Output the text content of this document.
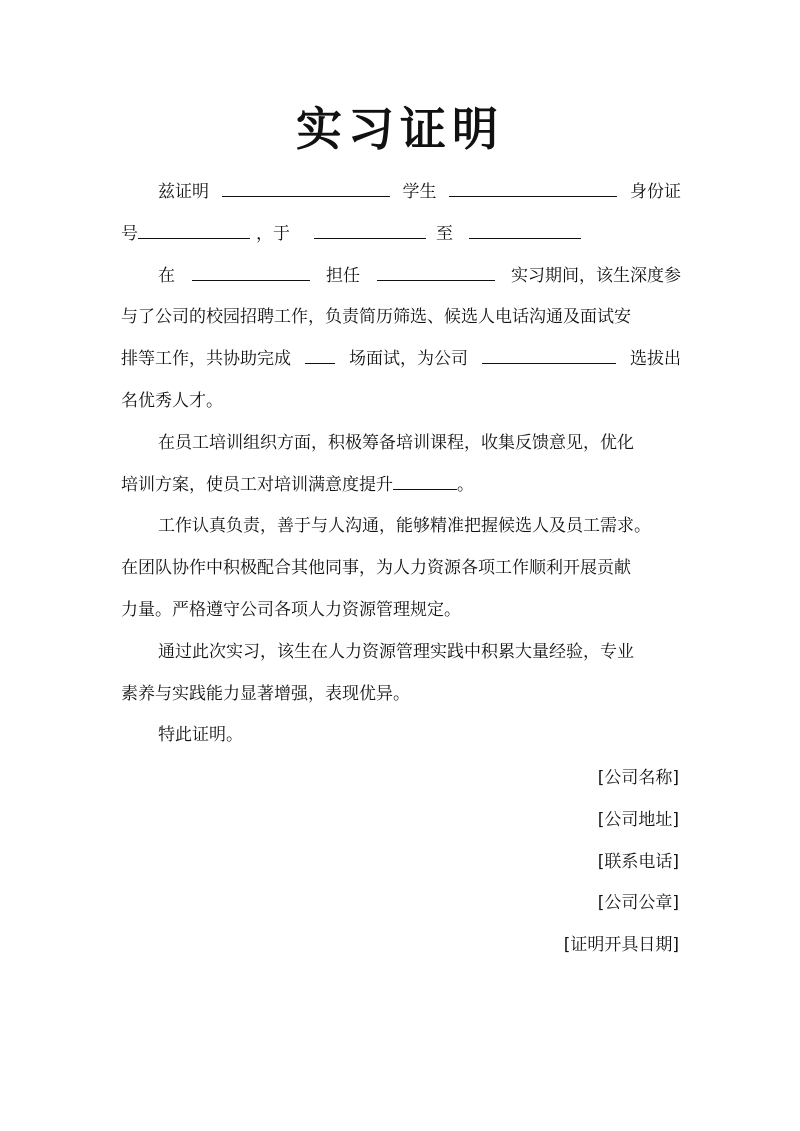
实习证明
兹证明	学生	身份证
号	，于	至
在	担任	实习期间，该生深度参
与了公司的校园招聘工作，负责简历筛选、候选人电话沟通及面试安
排等工作，共协助完成	场面试，为公司	选拔出
名优秀人才。
在员工培训组织方面，积极筹备培训课程，收集反馈意见，优化
培训方案，使员工对培训满意度提升	。
工作认真负责，善于与人沟通，能够精准把握候选人及员工需求。
在团队协作中积极配合其他同事，为人力资源各项工作顺利开展贡献
力量。严格遵守公司各项人力资源管理规定。
通过此次实习，该生在人力资源管理实践中积累大量经验，专业
素养与实践能力显著增强，表现优异。
特此证明。
[公司名称]
[公司地址]
[联系电话]
[公司公章]
[证明开具日期]
